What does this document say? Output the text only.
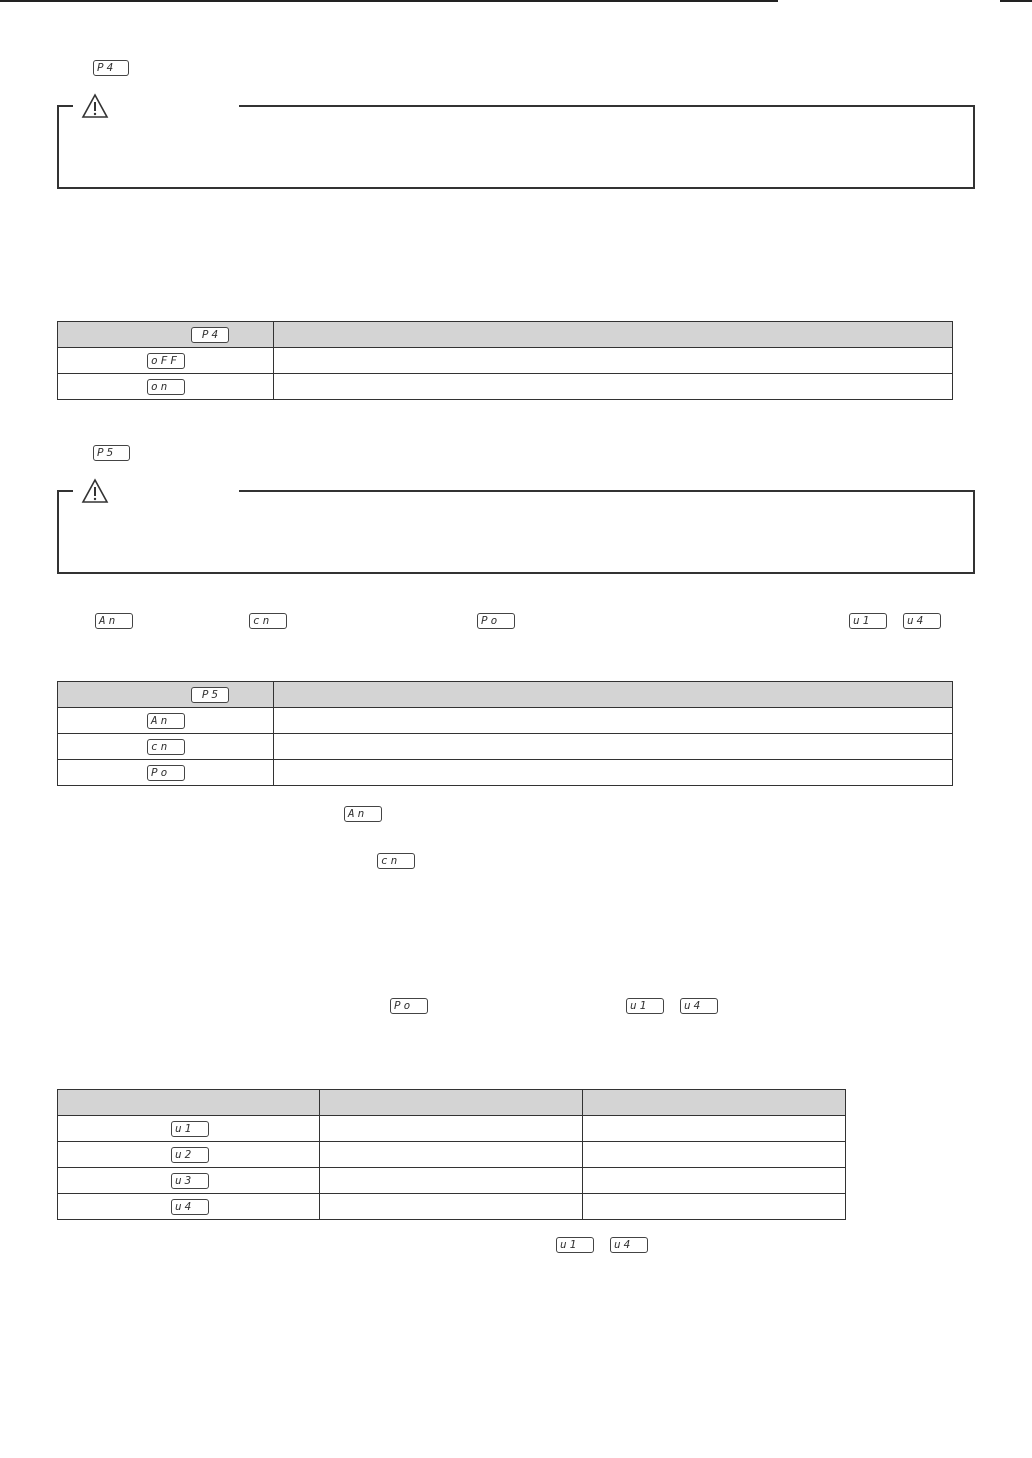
P4
P4	

oFF	

on	

P5
An	cn	Po	u1	u4
P5	

An	

cn	

Po	

An
cn
Po	u1	u4

u1		

u2		

u3		

u4		

u1	u4
